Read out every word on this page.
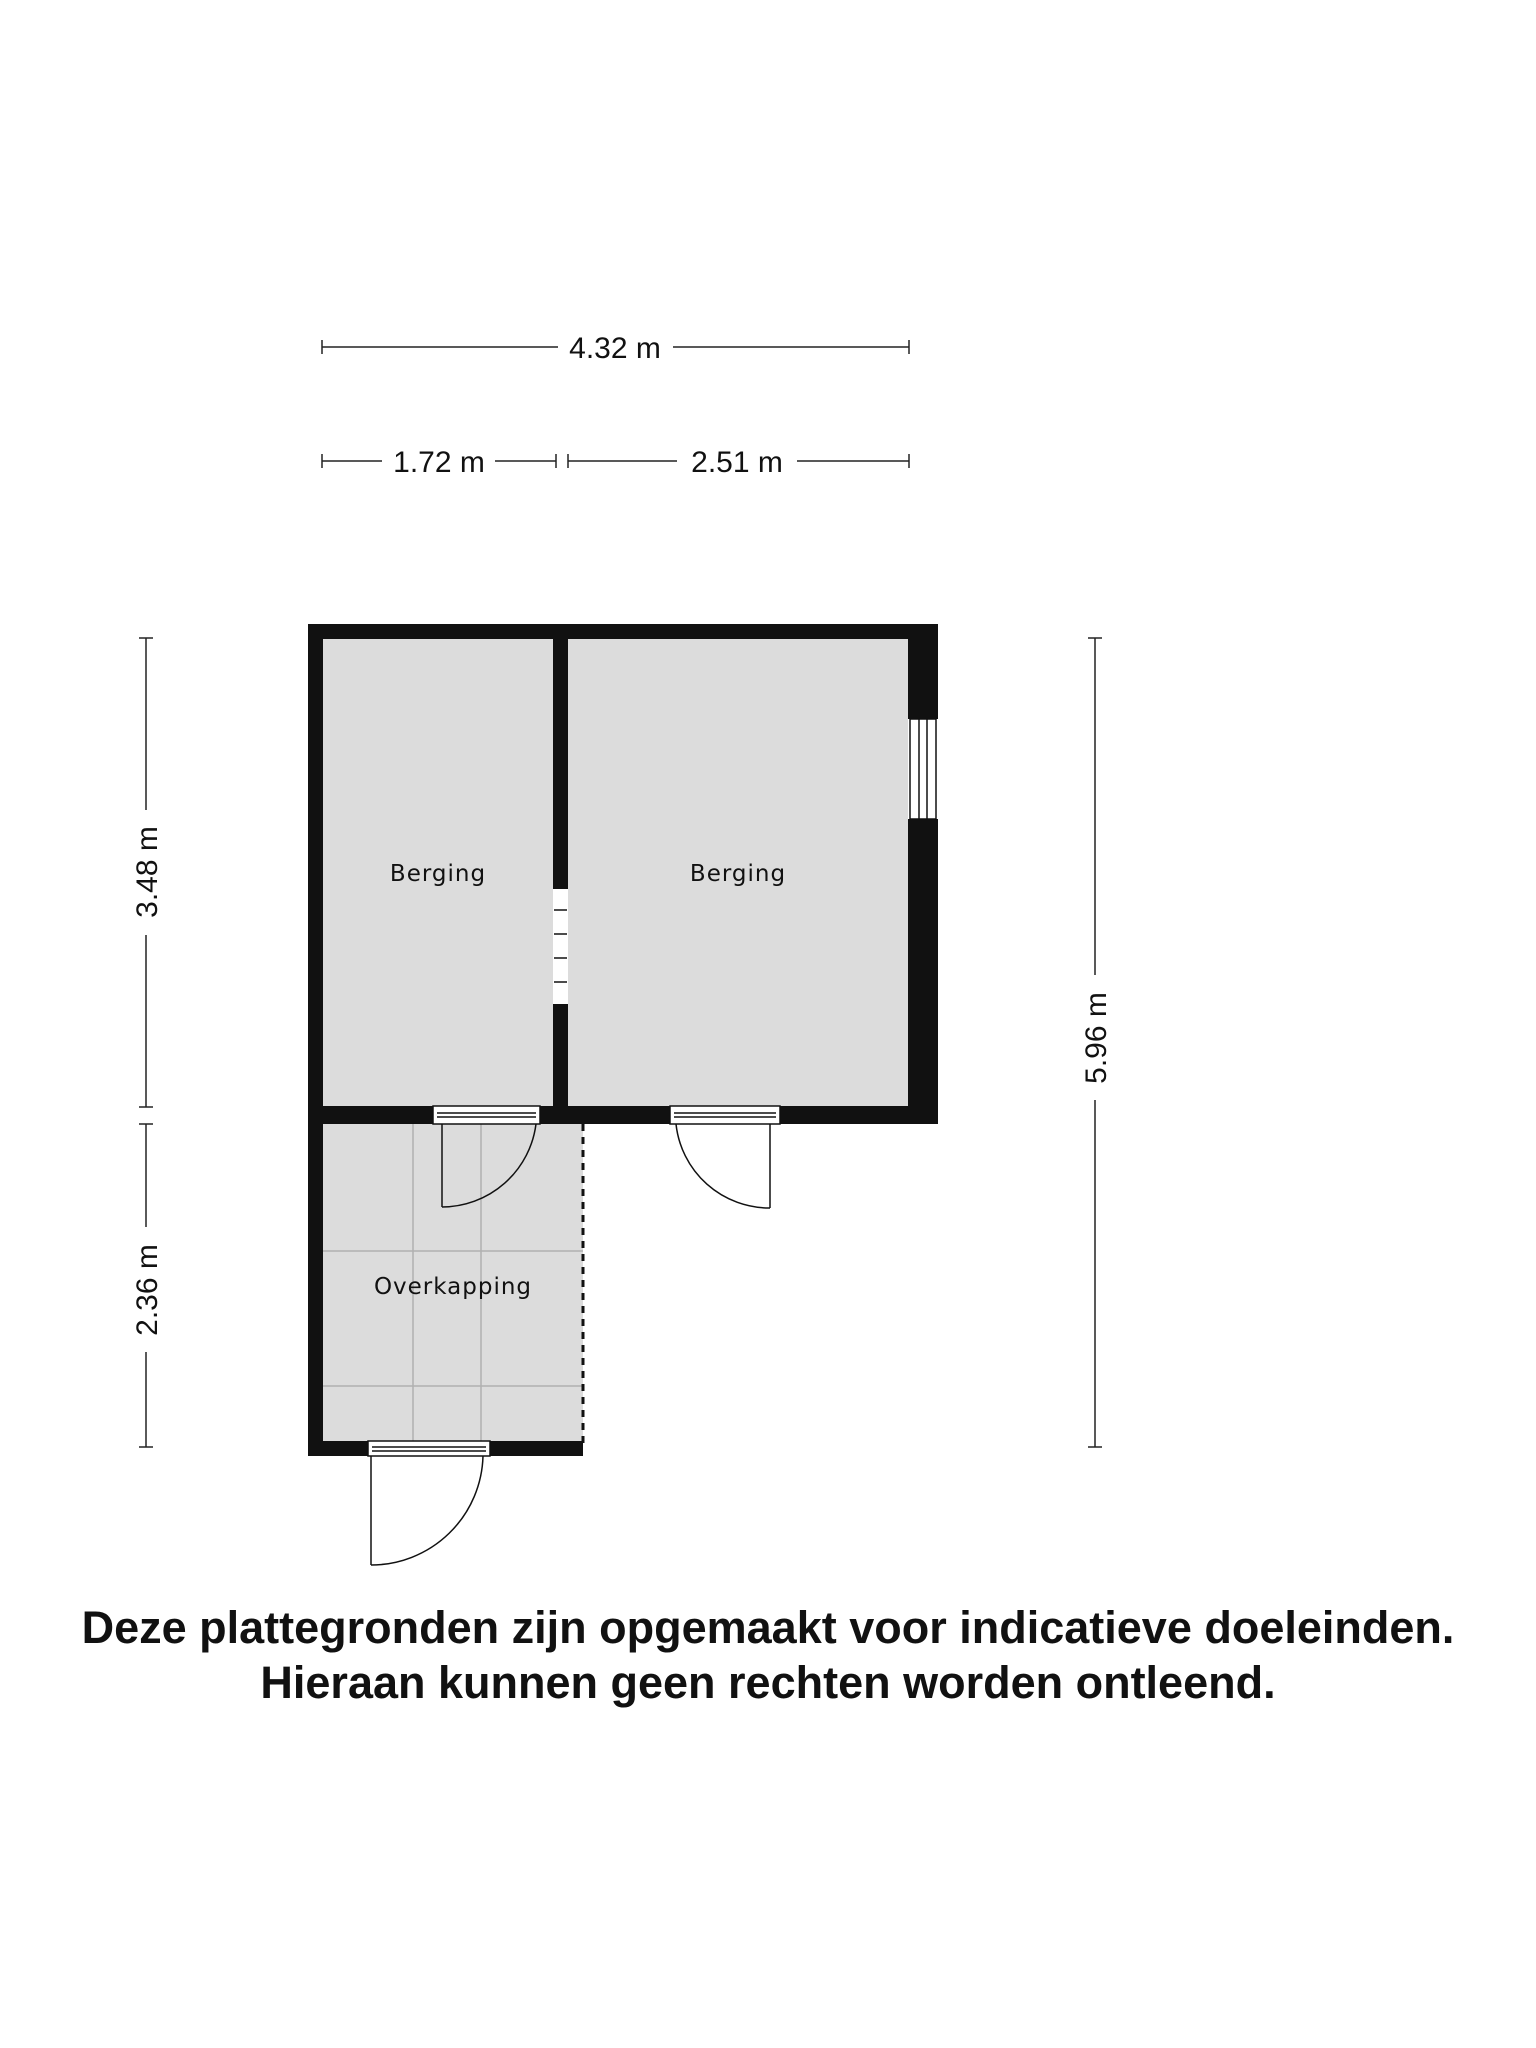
4.32 m
1.72 m	2.51 m
3.48 m
2.36 m
5.96 m
Berging	Berging
Overkapping
Deze plattegronden zijn opgemaakt voor indicatieve doeleinden.
Hieraan kunnen geen rechten worden ontleend.
